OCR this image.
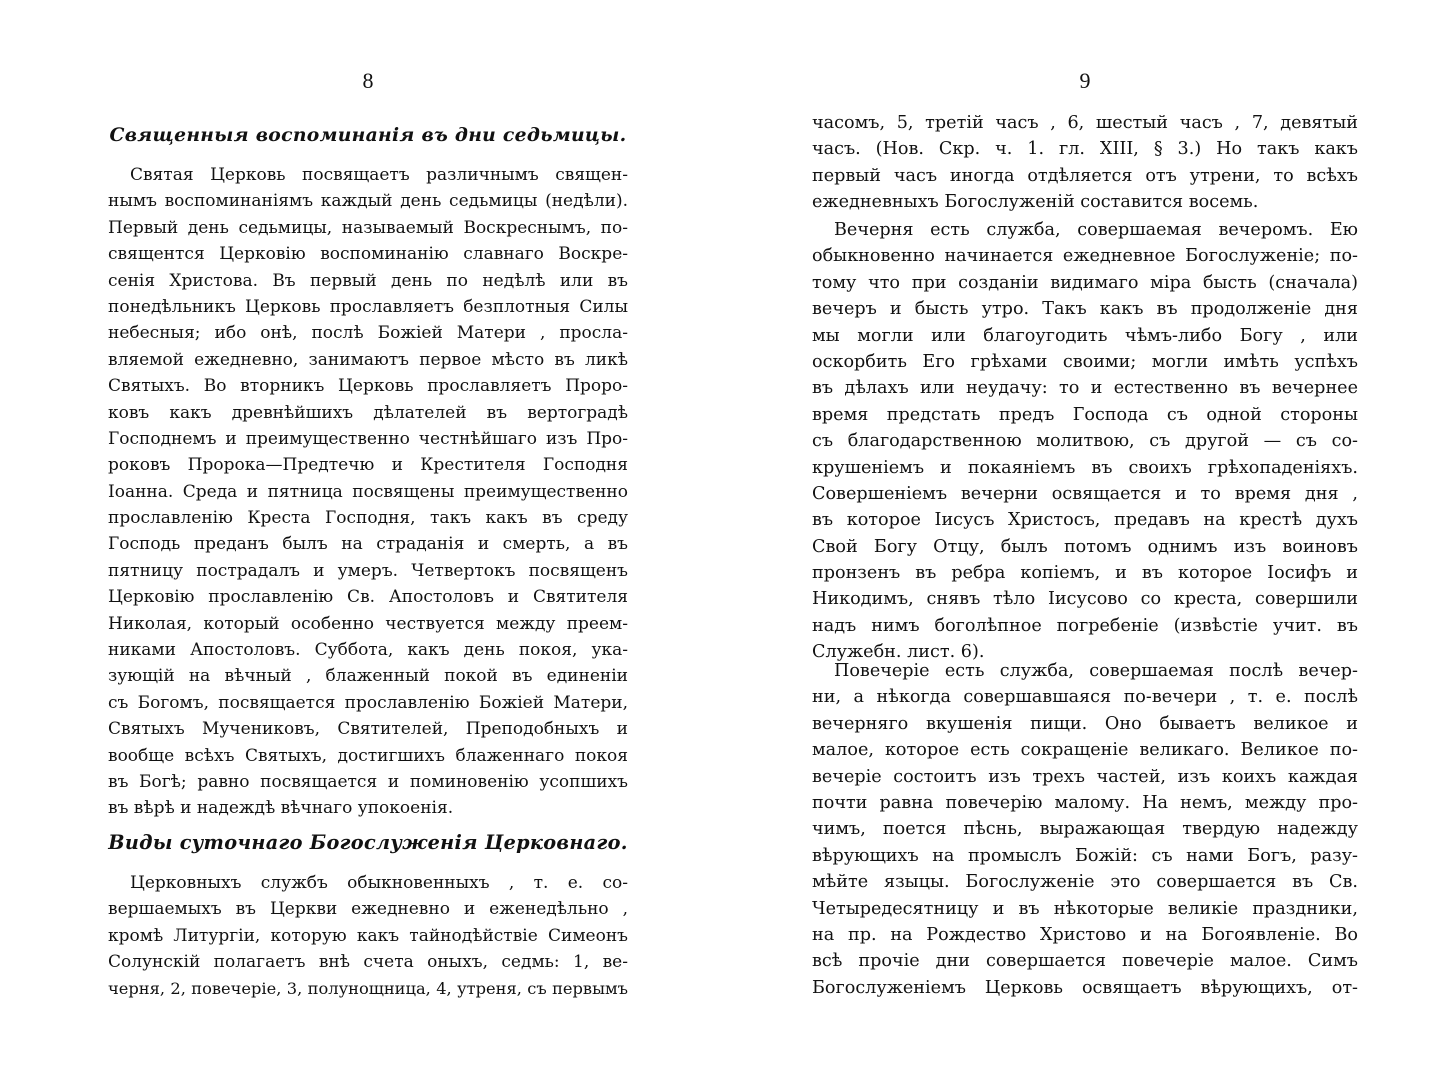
8
Священныя воспоминанія въ дни седьмицы.
Святая Церковь посвящаетъ различнымъ священ-
нымъ воспоминаніямъ каждый день седьмицы (недѣли).
Первый день седьмицы, называемый Воскреснымъ, по-
священтся Церковію воспоминанію славнаго Воскре-
сенія Христова. Въ первый день по недѣлѣ или въ
понедѣльникъ Церковь прославляетъ безплотныя Силы
небесныя; ибо онѣ, послѣ Божіей Матери , просла-
вляемой ежедневно, занимаютъ первое мѣсто въ ликѣ
Святыхъ. Во вторникъ Церковь прославляетъ Проро-
ковъ какъ древнѣйшихъ дѣлателей въ вертоградѣ
Господнемъ и преимущественно честнѣйшаго изъ Про-
роковъ Пророка—Предтечю и Крестителя Господня
Іоанна. Среда и пятница посвящены преимущественно
прославленію Креста Господня, такъ какъ въ среду
Господь преданъ былъ на страданія и смерть, а въ
пятницу пострадалъ и умеръ. Четвертокъ посвященъ
Церковію прославленію Св. Апостоловъ и Святителя
Николая, который особенно чествуется между преем-
никами Апостоловъ. Суббота, какъ день покоя, ука-
зующій на вѣчный , блаженный покой въ единеніи
съ Богомъ, посвящается прославленію Божіей Матери,
Святыхъ Мучениковъ, Святителей, Преподобныхъ и
вообще всѣхъ Святыхъ, достигшихъ блаженнаго покоя
въ Богѣ; равно посвящается и поминовенію усопшихъ
въ вѣрѣ и надеждѣ вѣчнаго упокоенія.
Виды суточнаго Богослуженія Церковнаго.
Церковныхъ службъ обыкновенныхъ , т. е. со-
вершаемыхъ въ Церкви ежедневно и еженедѣльно ,
кромѣ Литургіи, которую какъ тайнодѣйствіе Симеонъ
Солунскій полагаетъ внѣ счета оныхъ, седмь: 1, ве-
черня, 2, повечеріе, 3, полунощница, 4, утреня, съ первымъ
9
часомъ, 5, третій часъ , 6, шестый часъ , 7, девятый
часъ. (Нов. Скр. ч. 1. гл. XIII, § 3.) Но такъ какъ
первый часъ иногда отдѣляется отъ утрени, то всѣхъ
ежедневныхъ Богослуженій составится восемь.
Вечерня есть служба, совершаемая вечеромъ. Ею
обыкновенно начинается ежедневное Богослуженіе; по-
тому что при созданіи видимаго міра бысть (сначала)
вечеръ и бысть утро. Такъ какъ въ продолженіе дня
мы могли или благоугодить чѣмъ-либо Богу , или
оскорбить Его грѣхами своими; могли имѣть успѣхъ
въ дѣлахъ или неудачу: то и естественно въ вечернее
время предстать предъ Господа съ одной стороны
съ благодарственною молитвою, съ другой — съ со-
крушеніемъ и покаяніемъ въ своихъ грѣхопаденіяхъ.
Совершеніемъ вечерни освящается и то время дня ,
въ которое Іисусъ Христосъ, предавъ на крестѣ духъ
Свой Богу Отцу, былъ потомъ однимъ изъ воиновъ
пронзенъ въ ребра копіемъ, и въ которое Іосифъ и
Никодимъ, снявъ тѣло Іисусово со креста, совершили
надъ нимъ боголѣпное погребеніе (извѣстіе учит. въ
Служебн. лист. 6).
Повечеріе есть служба, совершаемая послѣ вечер-
ни, а нѣкогда совершавшаяся по-вечери , т. е. послѣ
вечерняго вкушенія пищи. Оно бываетъ великое и
малое, которое есть сокращеніе великаго. Великое по-
вечеріе состоитъ изъ трехъ частей, изъ коихъ каждая
почти равна повечерію малому. На немъ, между про-
чимъ, поется пѣснь, выражающая твердую надежду
вѣрующихъ на промыслъ Божій: съ нами Богъ, разу-
мѣйте языцы. Богослуженіе это совершается въ Св.
Четыредесятницу и въ нѣкоторые великіе праздники,
на пр. на Рождество Христово и на Богоявленіе. Во
всѣ прочіе дни совершается повечеріе малое. Симъ
Богослуженіемъ Церковь освящаетъ вѣрующихъ, от-
